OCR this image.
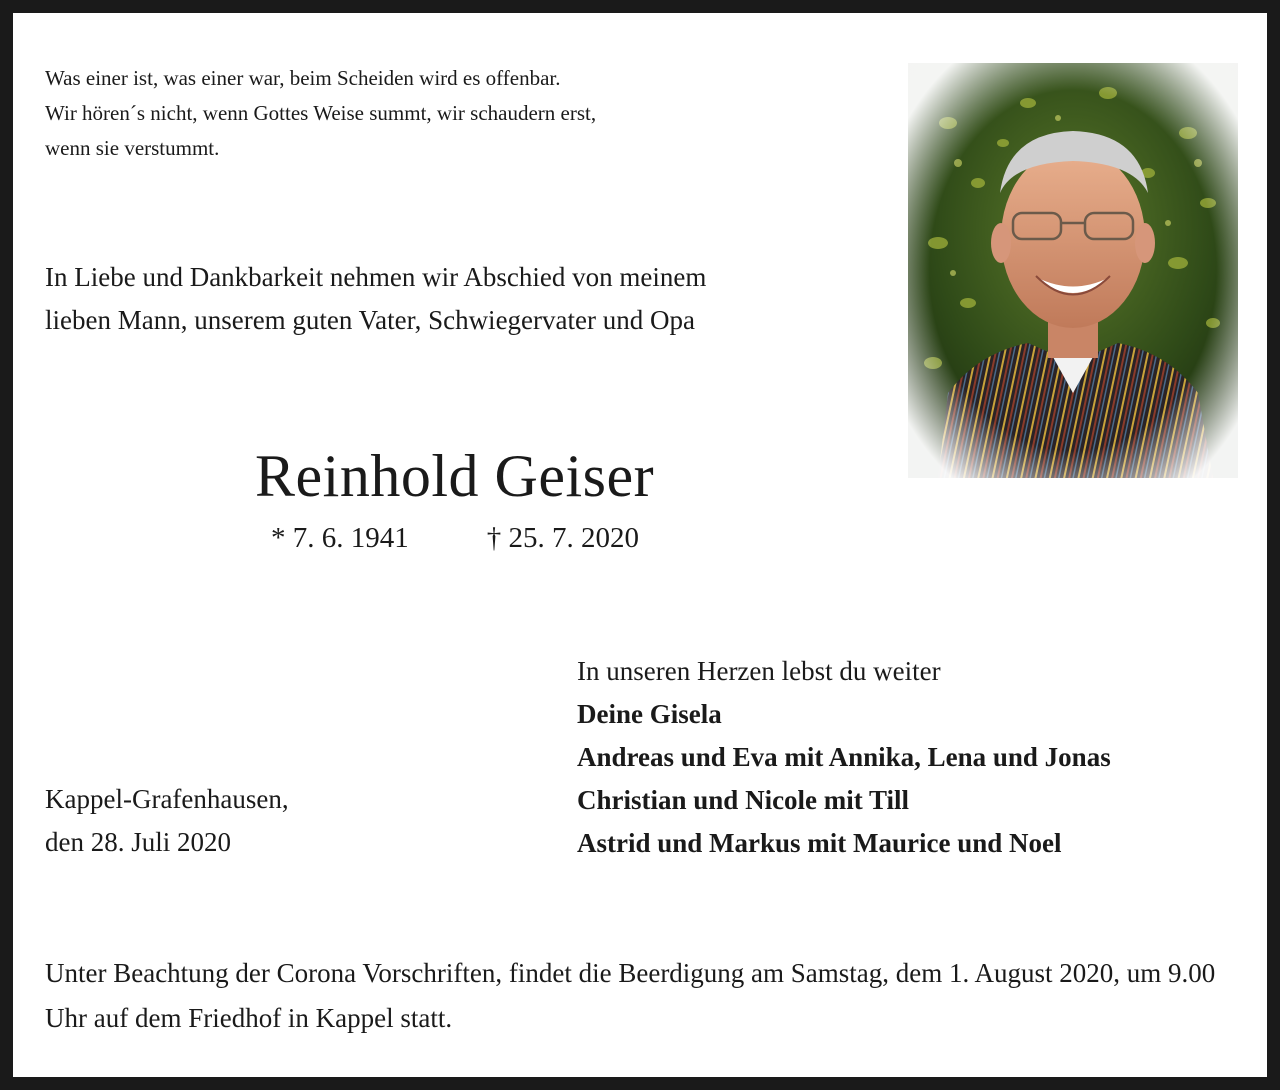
Was einer ist, was einer war, beim Scheiden wird es offenbar.
Wir hören´s nicht, wenn Gottes Weise summt, wir schaudern erst,
wenn sie verstummt.
In Liebe und Dankbarkeit nehmen wir Abschied von meinem
lieben Mann, unserem guten Vater, Schwiegervater und Opa
Reinhold Geiser
* 7. 6. 1941	† 25. 7. 2020
In unseren Herzen lebst du weiter
Deine Gisela
Andreas und Eva mit Annika, Lena und Jonas
Christian und Nicole mit Till
Astrid und Markus mit Maurice und Noel
Kappel-Grafenhausen,
den 28. Juli 2020
Unter Beachtung der Corona Vorschriften, findet die Beerdigung am Samstag, dem 1. August 2020, um 9.00 Uhr auf dem Friedhof in Kappel statt.
